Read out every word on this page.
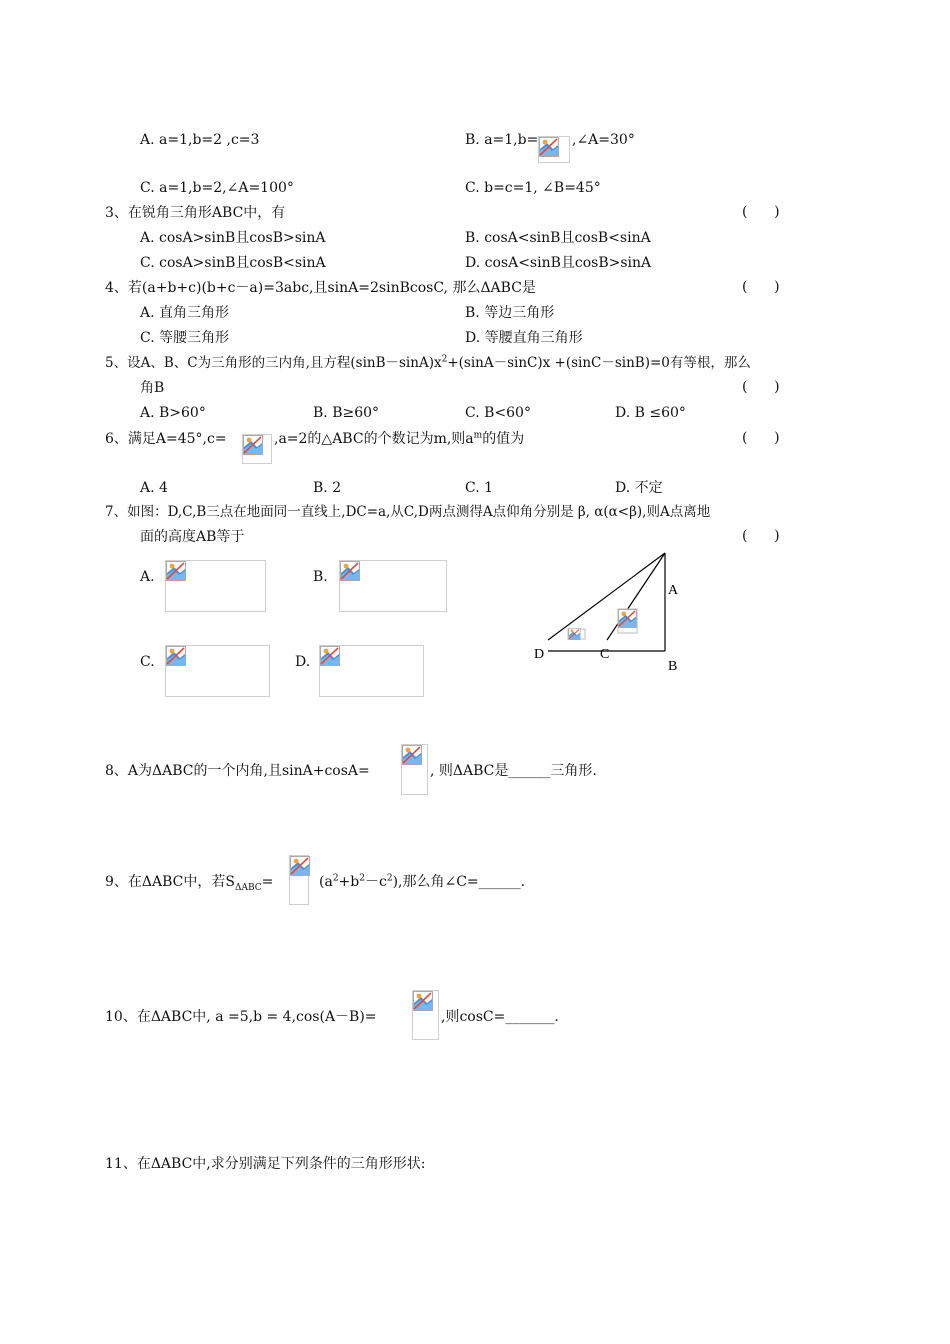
A. a=1,b=2 ,c=3	B. a=1,b= ,∠A=30°
C. a=1,b=2,∠A=100°	C. b=c=1, ∠B=45°
3、在锐角三角形ABC中，有	(      )
A. cosA>sinB且cosB>sinA	B. cosA<sinB且cosB<sinA
C. cosA>sinB且cosB<sinA	D. cosA<sinB且cosB>sinA
4、若(a+b+c)(b+c－a)=3abc,且sinA=2sinBcosC, 那么ΔABC是	(      )
A. 直角三角形	B. 等边三角形
C. 等腰三角形	D. 等腰直角三角形
5、设A、B、C为三角形的三内角,且方程$(\sin B-\sin A)x^2+(\sin A-\sin C)x +(\sin C-\sin B)=0$有等根，那么
角B	(      )
A. B>60°	B. B≥60°	C. B<60°	D. B ≤60°
6、满足A=45°,c=	,a=2的△ABC的个数记为m,则$a^m$的值为	(      )
A. 4	B. 2	C. 1	D. 不定
7、如图：D,C,B三点在地面同一直线上,DC=a,从C,D两点测得A点仰角分别是 β, α(α<β),则A点离地
面的高度AB等于	(      )
A.	B.
C.	D.
A
B
C
D
8、A为ΔABC的一个内角,且sinA+cosA=	, 则ΔABC是______三角形.
9、在ΔABC中，若$S_{\Delta ABC}=$	$(a^2+b^2-c^2)$,那么角∠C=______.
10、在ΔABC中, a =5,b = 4,cos(A－B)=	,则cosC=_______.
11、在ΔABC中,求分别满足下列条件的三角形形状:
